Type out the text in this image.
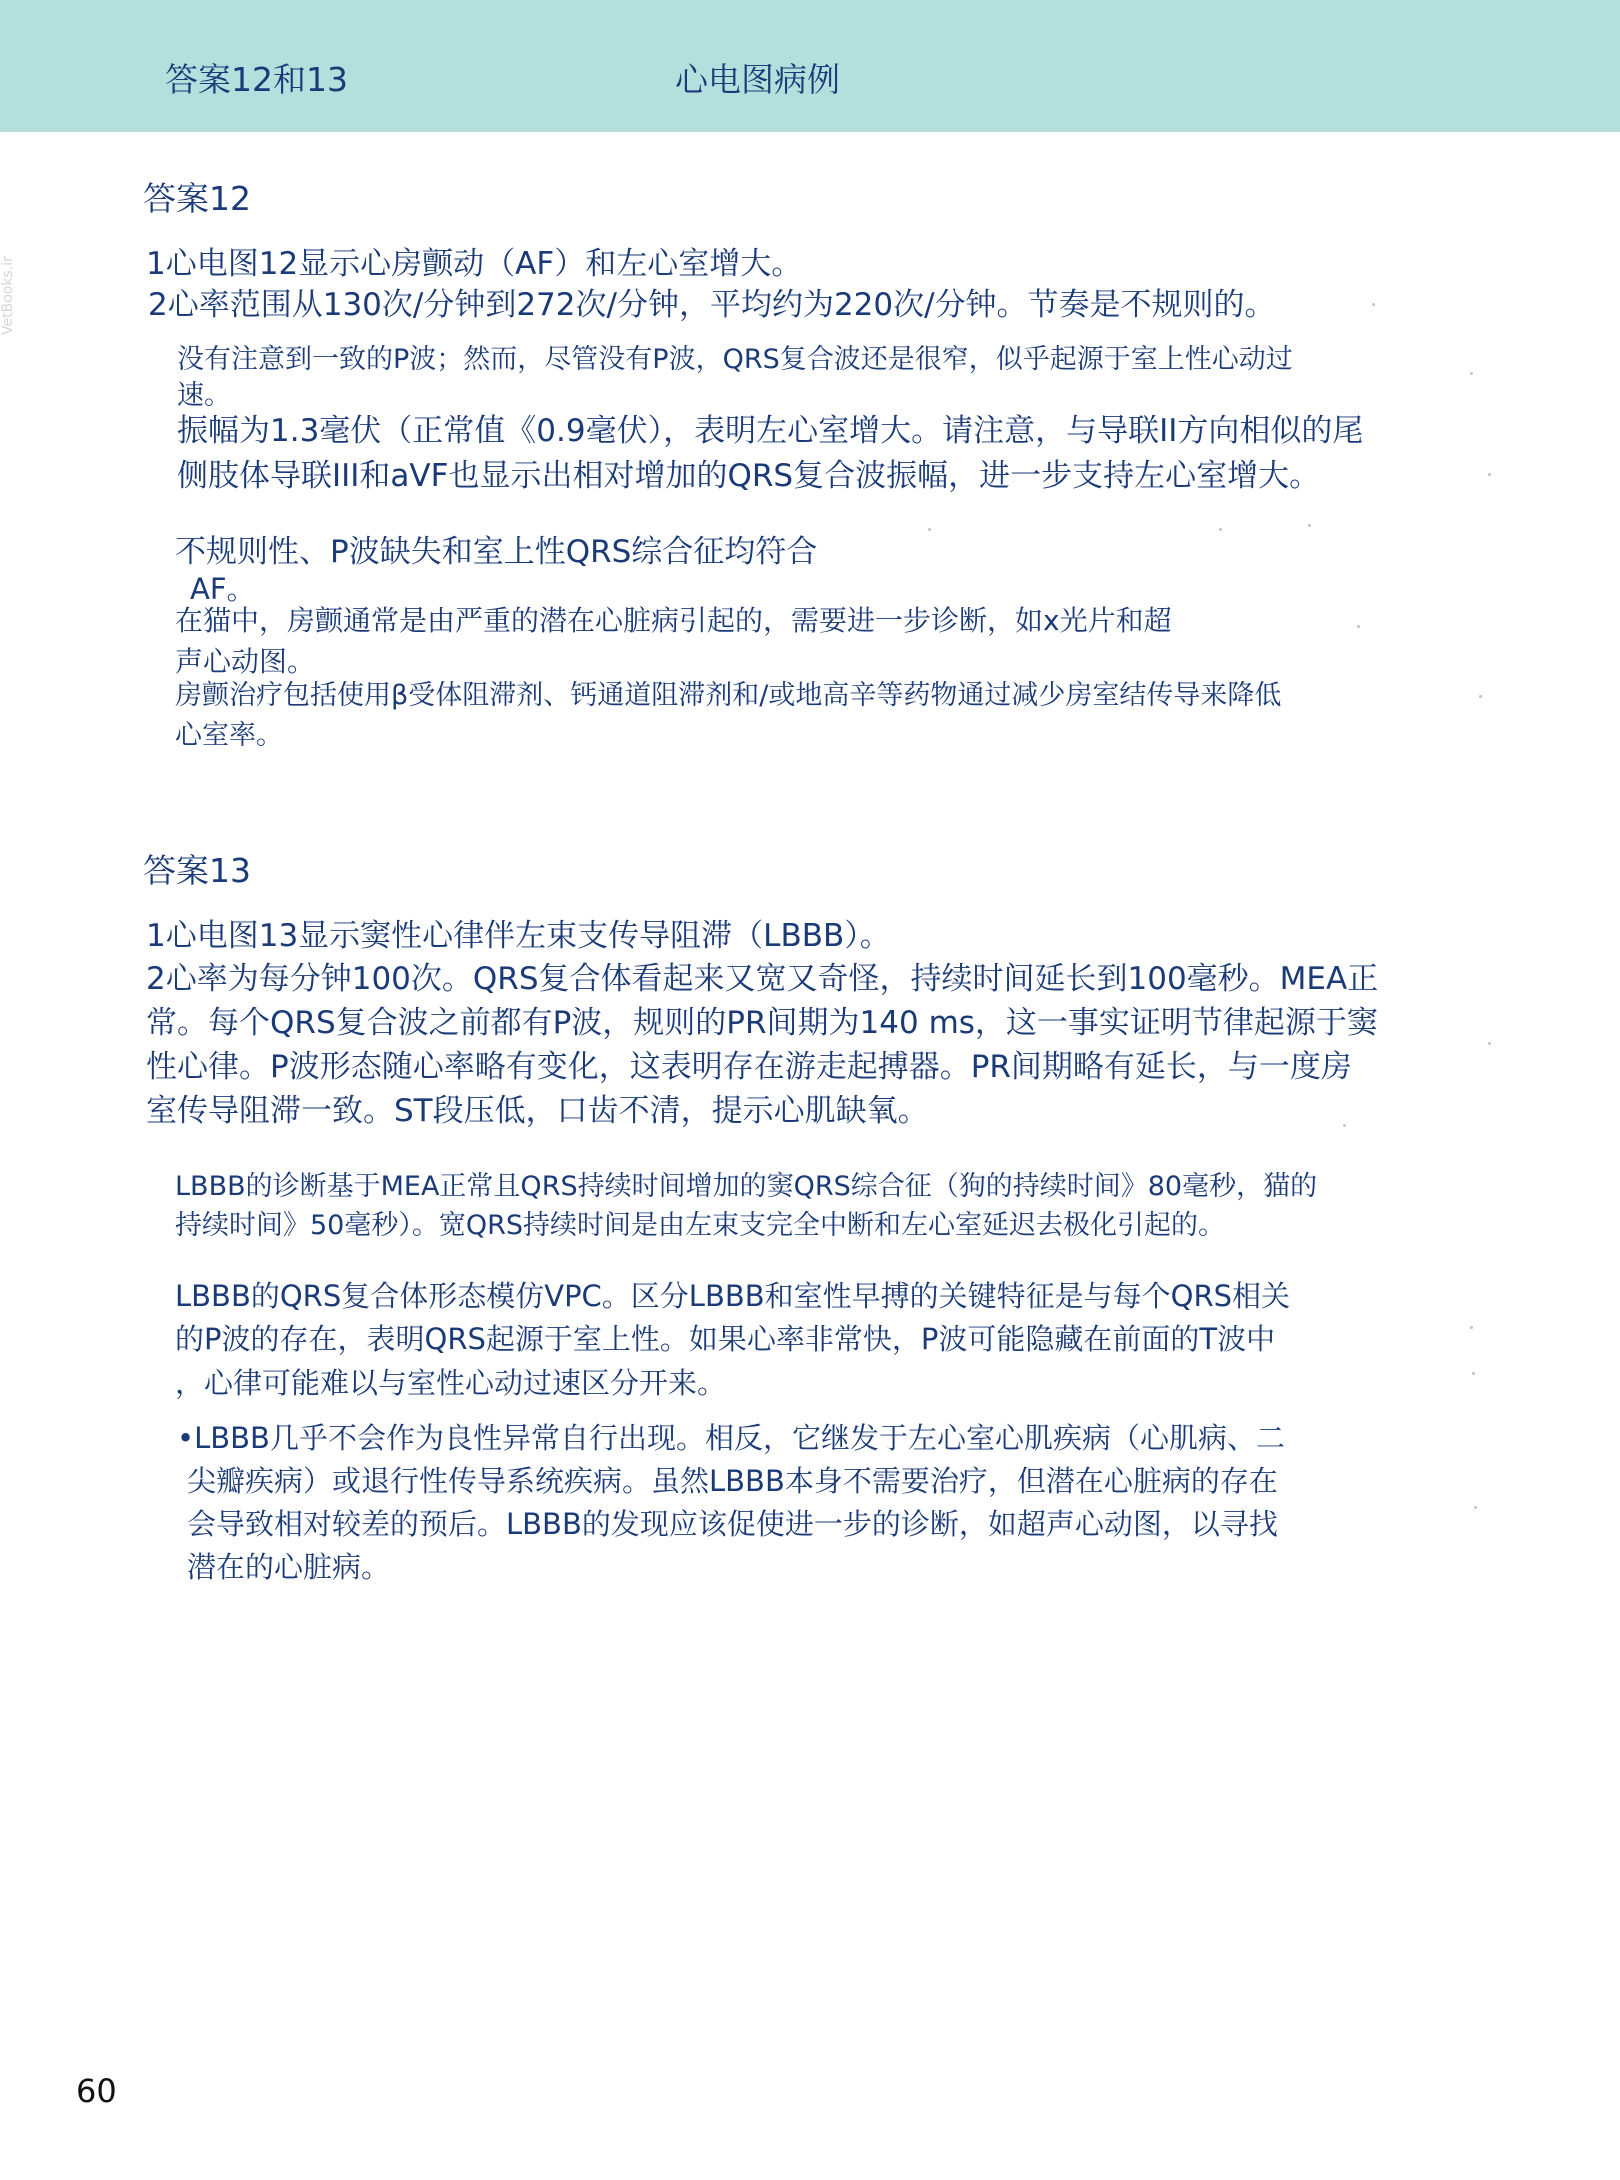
答案12和13	心电图病例
VetBooks.ir
答案12
1心电图12显示心房颤动（AF）和左心室增大。
2心率范围从130次/分钟到272次/分钟，平均约为220次/分钟。节奏是不规则的。
没有注意到一致的P波；然而，尽管没有P波，QRS复合波还是很窄，似乎起源于室上性心动过
速。
振幅为1.3毫伏（正常值《0.9毫伏），表明左心室增大。请注意，与导联II方向相似的尾
侧肢体导联III和aVF也显示出相对增加的QRS复合波振幅，进一步支持左心室增大。
不规则性、P波缺失和室上性QRS综合征均符合
AF。
在猫中，房颤通常是由严重的潜在心脏病引起的，需要进一步诊断，如x光片和超
声心动图。
房颤治疗包括使用β受体阻滞剂、钙通道阻滞剂和/或地高辛等药物通过减少房室结传导来降低
心室率。
答案13
1心电图13显示窦性心律伴左束支传导阻滞（LBBB）。
2心率为每分钟100次。QRS复合体看起来又宽又奇怪，持续时间延长到100毫秒。MEA正
常。每个QRS复合波之前都有P波，规则的PR间期为140 ms，这一事实证明节律起源于窦
性心律。P波形态随心率略有变化，这表明存在游走起搏器。PR间期略有延长，与一度房
室传导阻滞一致。ST段压低，口齿不清，提示心肌缺氧。
LBBB的诊断基于MEA正常且QRS持续时间增加的窦QRS综合征（狗的持续时间》80毫秒，猫的
持续时间》50毫秒）。宽QRS持续时间是由左束支完全中断和左心室延迟去极化引起的。
LBBB的QRS复合体形态模仿VPC。区分LBBB和室性早搏的关键特征是与每个QRS相关
的P波的存在，表明QRS起源于室上性。如果心率非常快，P波可能隐藏在前面的T波中
，心律可能难以与室性心动过速区分开来。
•LBBB几乎不会作为良性异常自行出现。相反，它继发于左心室心肌疾病（心肌病、二
尖瓣疾病）或退行性传导系统疾病。虽然LBBB本身不需要治疗，但潜在心脏病的存在
会导致相对较差的预后。LBBB的发现应该促使进一步的诊断，如超声心动图，以寻找
潜在的心脏病。
60
